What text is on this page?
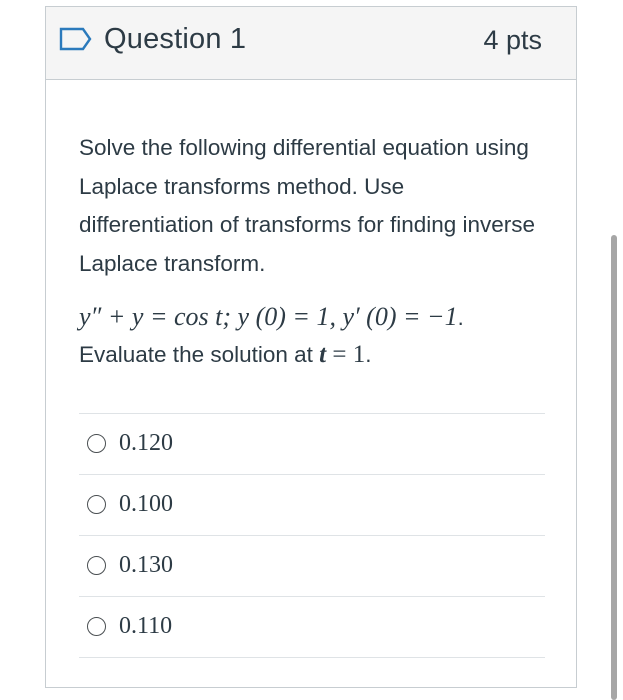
Question 1	4 pts
Solve the following differential equation using Laplace transforms method. Use differentiation of transforms for finding inverse Laplace transform.
y″ + y = cos t; y (0) = 1, y′ (0) = −1.
Evaluate the solution at t = 1.
0.120
0.100
0.130
0.110
